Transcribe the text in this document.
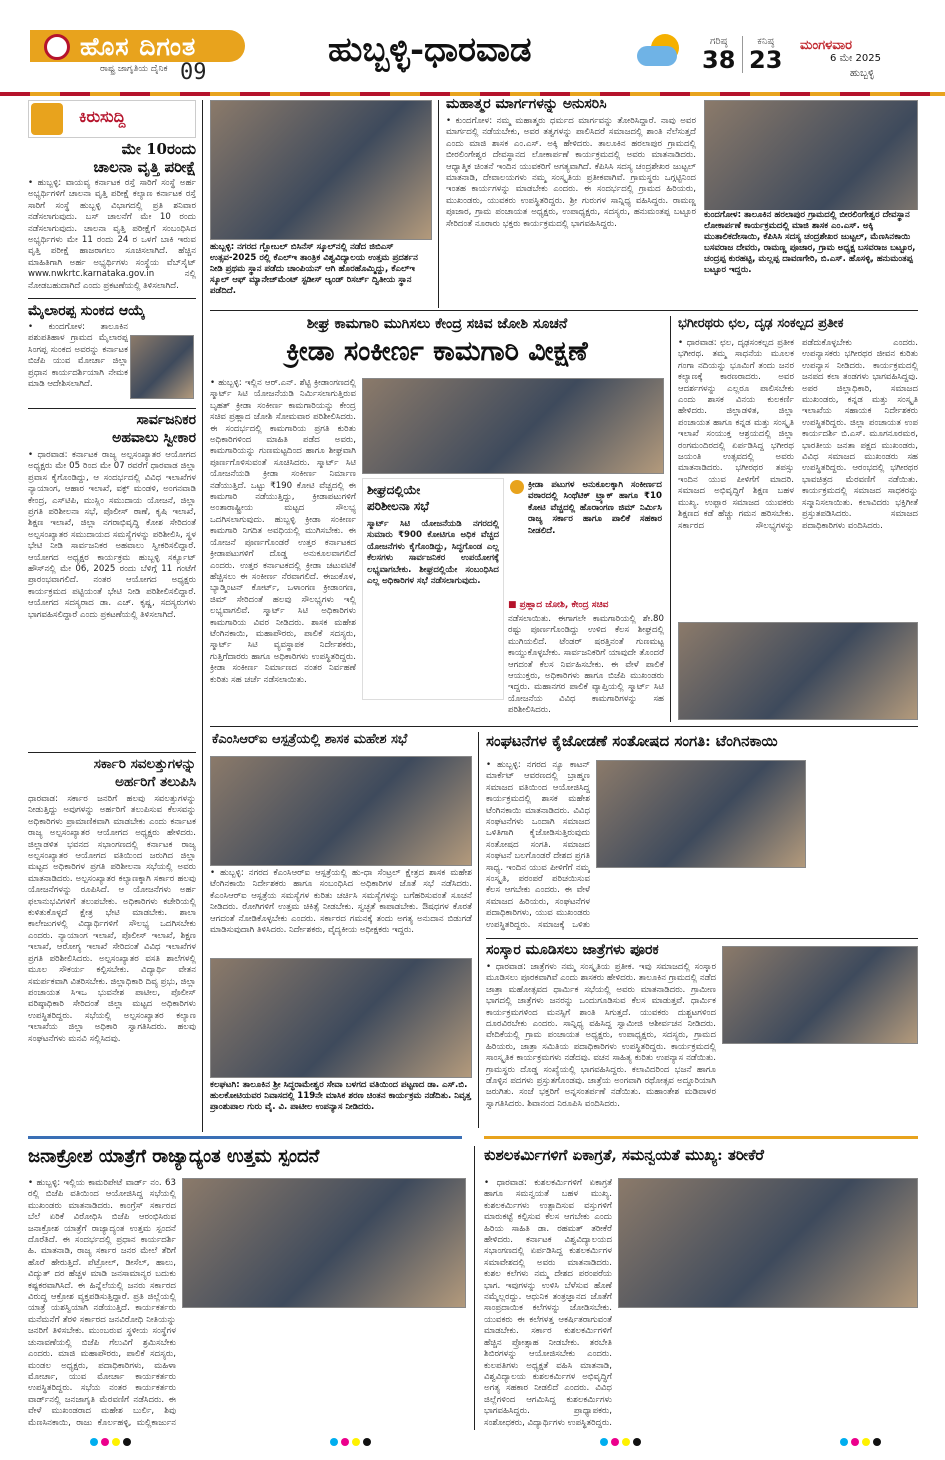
ಹೊಸ ದಿಗಂತ
ರಾಷ್ಟ್ರ ಜಾಗೃತಿಯ ದೈನಿಕ 09
ಹುಬ್ಬಳ್ಳಿ-ಧಾರವಾಡ	ಗರಿಷ್ಠ
38
ಕನಿಷ್ಠ
23
ಮಂಗಳವಾರ
6 ಮೇ 2025
ಹುಬ್ಬಳ್ಳಿ
ಕಿರುಸುದ್ದಿ
ಮೇ 10ರಂದು
ಚಾಲನಾ ವೃತ್ತಿ ಪರೀಕ್ಷೆ
• ಹುಬ್ಬಳ್ಳಿ: ವಾಯವ್ಯ ಕರ್ನಾಟಕ ರಸ್ತೆ ಸಾರಿಗೆ ಸಂಸ್ಥೆ ಅರ್ಹ ಅಭ್ಯರ್ಥಿಗಳಿಗೆ ಚಾಲನಾ ವೃತ್ತಿ ಪರೀಕ್ಷೆ ಕಲ್ಯಾಣ ಕರ್ನಾಟಕ ರಸ್ತೆ ಸಾರಿಗೆ ಸಂಸ್ಥೆ ಹುಬ್ಬಳ್ಳಿ ವಿಭಾಗದಲ್ಲಿ ಪ್ರತಿ ಶನಿವಾರ ನಡೆಸಲಾಗುವುದು. ಬಸ್ ಚಾಲನೆಗೆ ಮೇ 10 ರಂದು ನಡೆಸಲಾಗುವುದು. ಚಾಲನಾ ವೃತ್ತಿ ಪರೀಕ್ಷೆಗೆ ಸಂಬಂಧಿಸಿದ ಅಭ್ಯರ್ಥಿಗಳು ಮೇ 11 ರಂದು 24 ರ ಒಳಗೆ ಬಾಕಿ ಇರುವ ವೃತ್ತಿ ಪರೀಕ್ಷೆ ಹಾಜರಾಗಲು ಸೂಚಿಸಲಾಗಿದೆ. ಹೆಚ್ಚಿನ ಮಾಹಿತಿಗಾಗಿ ಅರ್ಹ ಅಭ್ಯರ್ಥಿಗಳು ಸಂಸ್ಥೆಯ ವೆಬ್‌ಸೈಟ್ www.nwkrtc.karnataka.gov.in ನಲ್ಲಿ ನೋಡಬಹುದಾಗಿದೆ ಎಂದು ಪ್ರಕಟಣೆಯಲ್ಲಿ ತಿಳಿಸಲಾಗಿದೆ.
ಮೈಲಾರಪ್ಪ ಸುಂಕದ ಆಯ್ಕೆ
• ಕುಂದಗೋಳ: ತಾಲೂಕಿನ ಪಶುಪತಿಹಾಳ ಗ್ರಾಮದ ಮೈಲಾರಪ್ಪ ಸಿಂಗಪ್ಪ ಸುಂಕದ ಅವರನ್ನು ಕರ್ನಾಟಕ ಬಿಜೆಪಿ ಯುವ ಮೋರ್ಚಾ ಜಿಲ್ಲಾ ಪ್ರಧಾನ ಕಾರ್ಯದರ್ಶಿಯಾಗಿ ನೇಮಕ ಮಾಡಿ ಆದೇಶಿಸಲಾಗಿದೆ.
ಸಾರ್ವಜನಿಕರ
ಅಹವಾಲು ಸ್ವೀಕಾರ
• ಧಾರವಾಡ: ಕರ್ನಾಟಕ ರಾಜ್ಯ ಅಲ್ಪಸಂಖ್ಯಾತರ ಆಯೋಗದ ಅಧ್ಯಕ್ಷರು ಮೇ 05 ರಿಂದ ಮೇ 07 ರವರೆಗೆ ಧಾರವಾಡ ಜಿಲ್ಲಾ ಪ್ರವಾಸ ಕೈಗೊಂಡಿದ್ದು, ಆ ಸಂದರ್ಭದಲ್ಲಿ ವಿವಿಧ ಇಲಾಖೆಗಳ ನ್ಯಾಯಾಂಗ, ಆಹಾರ ಇಲಾಖೆ, ವಕ್ಫ್ ಮಂಡಳಿ, ಅಂಗನವಾಡಿ ಕೇಂದ್ರ, ಎಸ್‌ಟಿಪಿ, ಮುಸ್ಲಿಂ ಸಮುದಾಯ ಯೋಜನೆ, ಜಿಲ್ಲಾ ಪ್ರಗತಿ ಪರಿಶೀಲನಾ ಸಭೆ, ಪೊಲೀಸ್ ಠಾಣೆ, ಕೃಷಿ ಇಲಾಖೆ, ಶಿಕ್ಷಣ ಇಲಾಖೆ, ಜಿಲ್ಲಾ ನಗರಾಭಿವೃದ್ಧಿ ಕೋಶ ಸೇರಿದಂತೆ ಅಲ್ಪಸಂಖ್ಯಾತರ ಸಮುದಾಯದ ಸಮಸ್ಯೆಗಳನ್ನು ಪರಿಶೀಲಿಸಿ, ಸ್ಥಳ ಭೇಟಿ ನೀಡಿ ಸಾರ್ವಜನಿಕರ ಅಹವಾಲು ಸ್ವೀಕರಿಸಲಿದ್ದಾರೆ. ಆಯೋಗದ ಅಧ್ಯಕ್ಷರ ಕಾರ್ಯಕ್ರಮ ಹುಬ್ಬಳ್ಳಿ ಸರ್ಕ್ಯೂಟ್ ಹೌಸ್‌ನಲ್ಲಿ ಮೇ 06, 2025 ರಂದು ಬೆಳಿಗ್ಗೆ 11 ಗಂಟೆಗೆ ಪ್ರಾರಂಭವಾಗಲಿದೆ. ನಂತರ ಆಯೋಗದ ಅಧ್ಯಕ್ಷರು ಕಾರ್ಯಕ್ರಮದ ಪಟ್ಟಿಯಂತೆ ಭೇಟಿ ನೀಡಿ ಪರಿಶೀಲಿಸಲಿದ್ದಾರೆ. ಆಯೋಗದ ಸದಸ್ಯರಾದ ಡಾ. ಎಚ್. ಕೃಷ್ಣ, ಸದಸ್ಯರುಗಳು ಭಾಗವಹಿಸಲಿದ್ದಾರೆ ಎಂದು ಪ್ರಕಟಣೆಯಲ್ಲಿ ತಿಳಿಸಲಾಗಿದೆ.
ಸರ್ಕಾರಿ ಸವಲತ್ತುಗಳನ್ನು
ಅರ್ಹರಿಗೆ ತಲುಪಿಸಿ
ಧಾರವಾಡ: ಸರ್ಕಾರ ಜನರಿಗೆ ಹಲವು ಸವಲತ್ತುಗಳನ್ನು ನೀಡುತ್ತಿದ್ದು ಅವುಗಳನ್ನು ಅರ್ಹರಿಗೆ ತಲುಪಿಸುವ ಕೆಲಸವನ್ನು ಅಧಿಕಾರಿಗಳು ಪ್ರಾಮಾಣಿಕವಾಗಿ ಮಾಡಬೇಕು ಎಂದು ಕರ್ನಾಟಕ ರಾಜ್ಯ ಅಲ್ಪಸಂಖ್ಯಾತರ ಆಯೋಗದ ಅಧ್ಯಕ್ಷರು ಹೇಳಿದರು. ಜಿಲ್ಲಾಡಳಿತ ಭವನದ ಸಭಾಂಗಣದಲ್ಲಿ ಕರ್ನಾಟಕ ರಾಜ್ಯ ಅಲ್ಪಸಂಖ್ಯಾತರ ಆಯೋಗದ ವತಿಯಿಂದ ಜರುಗಿದ ಜಿಲ್ಲಾ ಮಟ್ಟದ ಅಧಿಕಾರಿಗಳ ಪ್ರಗತಿ ಪರಿಶೀಲನಾ ಸಭೆಯಲ್ಲಿ ಅವರು ಮಾತನಾಡಿದರು. ಅಲ್ಪಸಂಖ್ಯಾತರ ಕಲ್ಯಾಣಕ್ಕಾಗಿ ಸರ್ಕಾರ ಹಲವು ಯೋಜನೆಗಳನ್ನು ರೂಪಿಸಿದೆ. ಆ ಯೋಜನೆಗಳು ಅರ್ಹ ಫಲಾನುಭವಿಗಳಿಗೆ ತಲುಪಬೇಕು. ಅಧಿಕಾರಿಗಳು ಕಚೇರಿಯಲ್ಲಿ ಕುಳಿತುಕೊಳ್ಳದೆ ಕ್ಷೇತ್ರ ಭೇಟಿ ಮಾಡಬೇಕು. ಶಾಲಾ ಕಾಲೇಜುಗಳಲ್ಲಿ ವಿದ್ಯಾರ್ಥಿಗಳಿಗೆ ಸೌಲಭ್ಯ ಒದಗಿಸಬೇಕು ಎಂದರು. ನ್ಯಾಯಾಂಗ ಇಲಾಖೆ, ಪೊಲೀಸ್ ಇಲಾಖೆ, ಶಿಕ್ಷಣ ಇಲಾಖೆ, ಆರೋಗ್ಯ ಇಲಾಖೆ ಸೇರಿದಂತೆ ವಿವಿಧ ಇಲಾಖೆಗಳ ಪ್ರಗತಿ ಪರಿಶೀಲಿಸಿದರು. ಅಲ್ಪಸಂಖ್ಯಾತರ ವಸತಿ ಶಾಲೆಗಳಲ್ಲಿ ಮೂಲ ಸೌಕರ್ಯ ಕಲ್ಪಿಸಬೇಕು. ವಿದ್ಯಾರ್ಥಿ ವೇತನ ಸಮರ್ಪಕವಾಗಿ ವಿತರಿಸಬೇಕು. ಜಿಲ್ಲಾಧಿಕಾರಿ ದಿವ್ಯ ಪ್ರಭು, ಜಿಲ್ಲಾ ಪಂಚಾಯತ ಸಿಇಒ ಭುವನೇಶ ಪಾಟೀಲ, ಪೊಲೀಸ್ ವರಿಷ್ಠಾಧಿಕಾರಿ ಸೇರಿದಂತೆ ಜಿಲ್ಲಾ ಮಟ್ಟದ ಅಧಿಕಾರಿಗಳು ಉಪಸ್ಥಿತರಿದ್ದರು. ಸಭೆಯಲ್ಲಿ ಅಲ್ಪಸಂಖ್ಯಾತರ ಕಲ್ಯಾಣ ಇಲಾಖೆಯ ಜಿಲ್ಲಾ ಅಧಿಕಾರಿ ಸ್ವಾಗತಿಸಿದರು. ಹಲವು ಸಂಘಟನೆಗಳು ಮನವಿ ಸಲ್ಲಿಸಿದವು.
ಹುಬ್ಬಳ್ಳಿ: ನಗರದ ಗ್ಲೋಬಲ್ ಬಿಸಿನೆಸ್ ಸ್ಕೂಲ್‌ನಲ್ಲಿ ನಡೆದ ಜಿಬಿಎಸ್ ಉತ್ಸವ-2025 ರಲ್ಲಿ ಕೆಎಲ್‌ಇ ತಾಂತ್ರಿಕ ವಿಶ್ವವಿದ್ಯಾಲಯ ಉತ್ತಮ ಪ್ರದರ್ಶನ ನೀಡಿ ಪ್ರಥಮ ಸ್ಥಾನ ಪಡೆದು ಚಾಂಪಿಯನ್ ಆಗಿ ಹೊರಹೊಮ್ಮಿದ್ದು, ಕೆಎಲ್‌ಇ ಸ್ಕೂಲ್ ಆಫ್ ಮ್ಯಾನೇಜ್‌ಮೆಂಟ್ ಸ್ಟಡೀಸ್ ಆ್ಯಂಡ್ ರಿಸರ್ಚ್ ದ್ವಿತೀಯ ಸ್ಥಾನ ಪಡೆದಿದೆ.
ಮಹಾತ್ಮರ ಮಾರ್ಗಗಳನ್ನು ಅನುಸರಿಸಿ
• ಕುಂದಗೋಳ: ನಮ್ಮ ಮಹಾತ್ಮರು ಧರ್ಮದ ಮಾರ್ಗವನ್ನು ತೋರಿಸಿದ್ದಾರೆ. ನಾವು ಅವರ ಮಾರ್ಗದಲ್ಲಿ ನಡೆಯಬೇಕು, ಅವರ ತತ್ವಗಳನ್ನು ಪಾಲಿಸಿದರೆ ಸಮಾಜದಲ್ಲಿ ಶಾಂತಿ ನೆಲೆಸುತ್ತದೆ ಎಂದು ಮಾಜಿ ಶಾಸಕ ಎಂ.ಎಸ್. ಅಕ್ಕಿ ಹೇಳಿದರು. ತಾಲೂಕಿನ ಹರಲಾಪುರ ಗ್ರಾಮದಲ್ಲಿ ಬೀರಲಿಂಗೇಶ್ವರ ದೇವಸ್ಥಾನದ ಲೋಕಾರ್ಪಣೆ ಕಾರ್ಯಕ್ರಮದಲ್ಲಿ ಅವರು ಮಾತನಾಡಿದರು. ಆಧ್ಯಾತ್ಮಿಕ ಚಿಂತನೆ ಇಂದಿನ ಯುವಕರಿಗೆ ಅಗತ್ಯವಾಗಿದೆ. ಕೆಪಿಸಿಸಿ ಸದಸ್ಯ ಚಂದ್ರಶೇಖರ ಜುಟ್ಟಲ್ ಮಾತನಾಡಿ, ದೇವಾಲಯಗಳು ನಮ್ಮ ಸಂಸ್ಕೃತಿಯ ಪ್ರತೀಕವಾಗಿವೆ. ಗ್ರಾಮಸ್ಥರು ಒಗ್ಗಟ್ಟಿನಿಂದ ಇಂತಹ ಕಾರ್ಯಗಳನ್ನು ಮಾಡಬೇಕು ಎಂದರು. ಈ ಸಂದರ್ಭದಲ್ಲಿ ಗ್ರಾಮದ ಹಿರಿಯರು, ಮುಖಂಡರು, ಯುವಕರು ಉಪಸ್ಥಿತರಿದ್ದರು. ಶ್ರೀ ಗುರುಗಳ ಸಾನ್ನಿಧ್ಯ ವಹಿಸಿದ್ದರು. ರಾಮಣ್ಣ ಪೂಜಾರ, ಗ್ರಾಮ ಪಂಚಾಯತ ಅಧ್ಯಕ್ಷರು, ಉಪಾಧ್ಯಕ್ಷರು, ಸದಸ್ಯರು, ಹನುಮಂತಪ್ಪ ಬಟ್ಟೂರ ಸೇರಿದಂತೆ ನೂರಾರು ಭಕ್ತರು ಕಾರ್ಯಕ್ರಮದಲ್ಲಿ ಭಾಗವಹಿಸಿದ್ದರು.
ಕುಂದಗೋಳ: ತಾಲೂಕಿನ ಹರಲಾಪುರ ಗ್ರಾಮದಲ್ಲಿ ಬೀರಲಿಂಗೇಶ್ವರ ದೇವಸ್ಥಾನ ಲೋಕಾರ್ಪಣೆ ಕಾರ್ಯಕ್ರಮದಲ್ಲಿ ಮಾಜಿ ಶಾಸಕ ಎಂ.ಎಸ್. ಅಕ್ಕಿ ಮುತಾಲಿಕದೇಸಾಯಿ, ಕೆಪಿಸಿಸಿ ಸದಸ್ಯ ಚಂದ್ರಶೇಖರ ಜುಟ್ಟಲ್, ಮೆಣಸಿನಕಾಯಿ ಬಸವರಾಜ ದೇವರು, ರಾಮಣ್ಣ ಪೂಜಾರ, ಗ್ರಾಮ ಅಧ್ಯಕ್ಷ ಬಸವರಾಜ ಬಟ್ಟೂರ, ಚಂದ್ರಪ್ಪ ಕುರಹಟ್ಟಿ, ಮಲ್ಲಪ್ಪ ದಾವಣಗೇರಿ, ಬಿ.ಎಸ್. ಹೊಸಳ್ಳಿ, ಹನುಮಂತಪ್ಪ ಬಟ್ಟೂರ ಇದ್ದರು.
ಶೀಘ್ರ ಕಾಮಗಾರಿ ಮುಗಿಸಲು ಕೇಂದ್ರ ಸಚಿವ ಜೋಶಿ ಸೂಚನೆ
ಕ್ರೀಡಾ ಸಂಕೀರ್ಣ ಕಾಮಗಾರಿ ವೀಕ್ಷಣೆ
• ಹುಬ್ಬಳ್ಳಿ: ಇಲ್ಲಿನ ಆರ್.ಎನ್. ಶೆಟ್ಟಿ ಕ್ರೀಡಾಂಗಣದಲ್ಲಿ ಸ್ಮಾರ್ಟ್ ಸಿಟಿ ಯೋಜನೆಯಡಿ ನಿರ್ಮಿಸಲಾಗುತ್ತಿರುವ ಬೃಹತ್ ಕ್ರೀಡಾ ಸಂಕೀರ್ಣ ಕಾಮಗಾರಿಯನ್ನು ಕೇಂದ್ರ ಸಚಿವ ಪ್ರಹ್ಲಾದ ಜೋಶಿ ಸೋಮವಾರ ಪರಿಶೀಲಿಸಿದರು. ಈ ಸಂದರ್ಭದಲ್ಲಿ ಕಾಮಗಾರಿಯ ಪ್ರಗತಿ ಕುರಿತು ಅಧಿಕಾರಿಗಳಿಂದ ಮಾಹಿತಿ ಪಡೆದ ಅವರು, ಕಾಮಗಾರಿಯನ್ನು ಗುಣಮಟ್ಟದಿಂದ ಹಾಗೂ ಶೀಘ್ರವಾಗಿ ಪೂರ್ಣಗೊಳಿಸುವಂತೆ ಸೂಚಿಸಿದರು. ಸ್ಮಾರ್ಟ್ ಸಿಟಿ ಯೋಜನೆಯಡಿ ಕ್ರೀಡಾ ಸಂಕೀರ್ಣ ನಿರ್ಮಾಣ ನಡೆಯುತ್ತಿದೆ. ಒಟ್ಟು ₹190 ಕೋಟಿ ವೆಚ್ಚದಲ್ಲಿ ಈ ಕಾಮಗಾರಿ ನಡೆಯುತ್ತಿದ್ದು, ಕ್ರೀಡಾಪಟುಗಳಿಗೆ ಅಂತಾರಾಷ್ಟ್ರೀಯ ಮಟ್ಟದ ಸೌಲಭ್ಯ ಒದಗಿಸಲಾಗುವುದು. ಹುಬ್ಬಳ್ಳಿ ಕ್ರೀಡಾ ಸಂಕೀರ್ಣ ಕಾಮಗಾರಿ ನಿಗದಿತ ಅವಧಿಯಲ್ಲಿ ಮುಗಿಸಬೇಕು. ಈ ಯೋಜನೆ ಪೂರ್ಣಗೊಂಡರೆ ಉತ್ತರ ಕರ್ನಾಟಕದ ಕ್ರೀಡಾಪಟುಗಳಿಗೆ ದೊಡ್ಡ ಅನುಕೂಲವಾಗಲಿದೆ ಎಂದರು. ಉತ್ತರ ಕರ್ನಾಟಕದಲ್ಲಿ ಕ್ರೀಡಾ ಚಟುವಟಿಕೆ ಹೆಚ್ಚಿಸಲು ಈ ಸಂಕೀರ್ಣ ನೆರವಾಗಲಿದೆ. ಈಜುಕೊಳ, ಬ್ಯಾಡ್ಮಿಂಟನ್ ಕೋರ್ಟ್, ಒಳಾಂಗಣ ಕ್ರೀಡಾಂಗಣ, ಜಿಮ್ ಸೇರಿದಂತೆ ಹಲವು ಸೌಲಭ್ಯಗಳು ಇಲ್ಲಿ ಲಭ್ಯವಾಗಲಿವೆ. ಸ್ಮಾರ್ಟ್ ಸಿಟಿ ಅಧಿಕಾರಿಗಳು ಕಾಮಗಾರಿಯ ವಿವರ ನೀಡಿದರು. ಶಾಸಕ ಮಹೇಶ ಟೆಂಗಿನಕಾಯಿ, ಮಹಾಪೌರರು, ಪಾಲಿಕೆ ಸದಸ್ಯರು, ಸ್ಮಾರ್ಟ್ ಸಿಟಿ ವ್ಯವಸ್ಥಾಪಕ ನಿರ್ದೇಶಕರು, ಗುತ್ತಿಗೆದಾರರು ಹಾಗೂ ಅಧಿಕಾರಿಗಳು ಉಪಸ್ಥಿತರಿದ್ದರು. ಕ್ರೀಡಾ ಸಂಕೀರ್ಣ ನಿರ್ಮಾಣದ ನಂತರ ನಿರ್ವಹಣೆ ಕುರಿತು ಸಹ ಚರ್ಚೆ ನಡೆಸಲಾಯಿತು.
ಶೀಘ್ರದಲ್ಲಿಯೇ
ಪರಿಶೀಲನಾ ಸಭೆ
ಸ್ಮಾರ್ಟ್ ಸಿಟಿ ಯೋಜನೆಯಡಿ ನಗರದಲ್ಲಿ ಸುಮಾರು ₹900 ಕೋಟಿಗೂ ಅಧಿಕ ವೆಚ್ಚದ ಯೋಜನೆಗಳು ಕೈಗೊಂಡಿದ್ದು, ಸಿದ್ಧಗೊಂಡ ಎಲ್ಲ ಕೆಲಸಗಳು ಸಾರ್ವಜನಿಕರ ಉಪಯೋಗಕ್ಕೆ ಲಭ್ಯವಾಗಬೇಕು. ಶೀಘ್ರದಲ್ಲಿಯೇ ಸಂಬಂಧಿಸಿದ ಎಲ್ಲ ಅಧಿಕಾರಿಗಳ ಸಭೆ ನಡೆಸಲಾಗುವುದು.
ಕ್ರೀಡಾ ಪಟುಗಳ ಅನುಕೂಲಕ್ಕಾಗಿ ಸಂಕೀರ್ಣದ ವಠಾರದಲ್ಲಿ ಸಿಂಥೆಟಿಕ್ ಟ್ರ್ಯಾಕ್ ಹಾಗೂ ₹10 ಕೋಟಿ ವೆಚ್ಚದಲ್ಲಿ ಹೊರಾಂಗಣ ಜಿಮ್ ನಿರ್ಮಿಸಿ ರಾಜ್ಯ ಸರ್ಕಾರ ಹಾಗೂ ಪಾಲಿಕೆ ಸಹಕಾರ ನೀಡಲಿದೆ.
■ ಪ್ರಹ್ಲಾದ ಜೋಶಿ, ಕೇಂದ್ರ ಸಚಿವ
ನಡೆಸಲಾಯಿತು. ಈಗಾಗಲೇ ಕಾಮಗಾರಿಯಲ್ಲಿ ಶೇ.80 ರಷ್ಟು ಪೂರ್ಣಗೊಂಡಿದ್ದು ಉಳಿದ ಕೆಲಸ ಶೀಘ್ರದಲ್ಲಿ ಮುಗಿಯಲಿದೆ. ಟೆಂಡರ್ ಷರತ್ತಿನಂತೆ ಗುಣಮಟ್ಟ ಕಾಯ್ದುಕೊಳ್ಳಬೇಕು. ಸಾರ್ವಜನಿಕರಿಗೆ ಯಾವುದೇ ತೊಂದರೆ ಆಗದಂತೆ ಕೆಲಸ ನಿರ್ವಹಿಸಬೇಕು. ಈ ವೇಳೆ ಪಾಲಿಕೆ ಆಯುಕ್ತರು, ಅಧಿಕಾರಿಗಳು ಹಾಗೂ ಬಿಜೆಪಿ ಮುಖಂಡರು ಇದ್ದರು. ಮಹಾನಗರ ಪಾಲಿಕೆ ವ್ಯಾಪ್ತಿಯಲ್ಲಿ ಸ್ಮಾರ್ಟ್ ಸಿಟಿ ಯೋಜನೆಯ ವಿವಿಧ ಕಾಮಗಾರಿಗಳನ್ನು ಸಹ ಪರಿಶೀಲಿಸಿದರು.
ಭಗೀರಥರು ಛಲ, ದೃಢ ಸಂಕಲ್ಪದ ಪ್ರತೀಕ
• ಧಾರವಾಡ: ಛಲ, ದೃಢಸಂಕಲ್ಪದ ಪ್ರತೀಕ ಭಗೀರಥ. ತಮ್ಮ ಸಾಧನೆಯ ಮೂಲಕ ಗಂಗಾ ನದಿಯನ್ನು ಭೂಮಿಗೆ ತಂದು ಜನರ ಕಲ್ಯಾಣಕ್ಕೆ ಕಾರಣರಾದರು. ಅವರ ಆದರ್ಶಗಳನ್ನು ಎಲ್ಲರೂ ಪಾಲಿಸಬೇಕು ಎಂದು ಶಾಸಕ ವಿನಯ ಕುಲಕರ್ಣಿ ಹೇಳಿದರು. ಜಿಲ್ಲಾಡಳಿತ, ಜಿಲ್ಲಾ ಪಂಚಾಯತ ಹಾಗೂ ಕನ್ನಡ ಮತ್ತು ಸಂಸ್ಕೃತಿ ಇಲಾಖೆ ಸಂಯುಕ್ತ ಆಶ್ರಯದಲ್ಲಿ ಜಿಲ್ಲಾ ರಂಗಮಂದಿರದಲ್ಲಿ ಏರ್ಪಡಿಸಿದ್ದ ಭಗೀರಥ ಜಯಂತಿ ಉತ್ಸವದಲ್ಲಿ ಅವರು ಮಾತನಾಡಿದರು. ಭಗೀರಥರ ತಪಸ್ಸು ಇಂದಿನ ಯುವ ಪೀಳಿಗೆಗೆ ಮಾದರಿ. ಸಮಾಜದ ಅಭಿವೃದ್ಧಿಗೆ ಶಿಕ್ಷಣ ಬಹಳ ಮುಖ್ಯ. ಉಪ್ಪಾರ ಸಮಾಜದ ಯುವಕರು ಶಿಕ್ಷಣದ ಕಡೆ ಹೆಚ್ಚು ಗಮನ ಹರಿಸಬೇಕು. ಸರ್ಕಾರದ ಸೌಲಭ್ಯಗಳನ್ನು ಪಡೆದುಕೊಳ್ಳಬೇಕು ಎಂದರು. ಉಪನ್ಯಾಸಕರು ಭಗೀರಥರ ಜೀವನ ಕುರಿತು ಉಪನ್ಯಾಸ ನೀಡಿದರು. ಕಾರ್ಯಕ್ರಮದಲ್ಲಿ ಜನಪದ ಕಲಾ ತಂಡಗಳು ಭಾಗವಹಿಸಿದ್ದವು. ಅಪರ ಜಿಲ್ಲಾಧಿಕಾರಿ, ಸಮಾಜದ ಮುಖಂಡರು, ಕನ್ನಡ ಮತ್ತು ಸಂಸ್ಕೃತಿ ಇಲಾಖೆಯ ಸಹಾಯಕ ನಿರ್ದೇಶಕರು ಉಪಸ್ಥಿತರಿದ್ದರು. ಜಿಲ್ಲಾ ಪಂಚಾಯತ ಉಪ ಕಾರ್ಯದರ್ಶಿ ಬಿ.ಎಸ್. ಮೂಗನೂರಮಠ, ಭಾರತೀಯ ಜನತಾ ಪಕ್ಷದ ಮುಖಂಡರು, ವಿವಿಧ ಸಮಾಜದ ಮುಖಂಡರು ಸಹ ಉಪಸ್ಥಿತರಿದ್ದರು. ಆರಂಭದಲ್ಲಿ ಭಗೀರಥರ ಭಾವಚಿತ್ರದ ಮೆರವಣಿಗೆ ನಡೆಯಿತು. ಕಾರ್ಯಕ್ರಮದಲ್ಲಿ ಸಮಾಜದ ಸಾಧಕರನ್ನು ಸನ್ಮಾನಿಸಲಾಯಿತು. ಕಲಾವಿದರು ಭಕ್ತಿಗೀತೆ ಪ್ರಸ್ತುತಪಡಿಸಿದರು. ಸಮಾಜದ ಪದಾಧಿಕಾರಿಗಳು ವಂದಿಸಿದರು.
ಕೆಎಂಸಿಆರ್‌ಐ ಆಸ್ಪತ್ರೆಯಲ್ಲಿ ಶಾಸಕ ಮಹೇಶ ಸಭೆ
• ಹುಬ್ಬಳ್ಳಿ: ನಗರದ ಕೆಎಂಸಿಆರ್‌ಐ ಆಸ್ಪತ್ರೆಯಲ್ಲಿ ಹು-ಧಾ ಸೆಂಟ್ರಲ್ ಕ್ಷೇತ್ರದ ಶಾಸಕ ಮಹೇಶ ಟೆಂಗಿನಕಾಯಿ ನಿರ್ದೇಶಕರು ಹಾಗೂ ಸಂಬಂಧಿಸಿದ ಅಧಿಕಾರಿಗಳ ಜೊತೆ ಸಭೆ ನಡೆಸಿದರು. ಕೆಎಂಸಿಆರ್‌ಐ ಆಸ್ಪತ್ರೆಯ ಸಮಸ್ಯೆಗಳ ಕುರಿತು ಚರ್ಚಿಸಿ ಸಮಸ್ಯೆಗಳನ್ನು ಬಗೆಹರಿಸುವಂತೆ ಸೂಚನೆ ನೀಡಿದರು. ರೋಗಿಗಳಿಗೆ ಉತ್ತಮ ಚಿಕಿತ್ಸೆ ನೀಡಬೇಕು. ಸ್ವಚ್ಛತೆ ಕಾಪಾಡಬೇಕು. ಔಷಧಗಳ ಕೊರತೆ ಆಗದಂತೆ ನೋಡಿಕೊಳ್ಳಬೇಕು ಎಂದರು. ಸರ್ಕಾರದ ಗಮನಕ್ಕೆ ತಂದು ಅಗತ್ಯ ಅನುದಾನ ಬಿಡುಗಡೆ ಮಾಡಿಸುವುದಾಗಿ ತಿಳಿಸಿದರು. ನಿರ್ದೇಶಕರು, ವೈದ್ಯಕೀಯ ಅಧೀಕ್ಷಕರು ಇದ್ದರು.
ಕಲಘಟಗಿ: ತಾಲೂಕಿನ ಶ್ರೀ ಸಿದ್ಧರಾಮೇಶ್ವರ ಸೇವಾ ಬಳಗದ ವತಿಯಿಂದ ಪಟ್ಟಣದ ಡಾ. ಎಸ್.ಬಿ. ಹುಲಕೋಟಿಯವರ ನಿವಾಸದಲ್ಲಿ 119ನೇ ಮಾಸಿಕ ಶರಣ ಚಿಂತನ ಕಾರ್ಯಕ್ರಮ ನಡೆದಿತು. ನಿವೃತ್ತ ಪ್ರಾಂಶುಪಾಲ ಗುರು ವೈ. ವಿ. ಪಾಟೀಲ ಉಪನ್ಯಾಸ ನೀಡಿದರು.
ಸಂಘಟನೆಗಳ ಕೈಜೋಡಣೆ ಸಂತೋಷದ ಸಂಗತಿ: ಟೆಂಗಿನಕಾಯಿ
• ಹುಬ್ಬಳ್ಳಿ: ನಗರದ ನ್ಯೂ ಕಾಟನ್ ಮಾರ್ಕೆಟ್ ಆವರಣದಲ್ಲಿ ಬ್ರಾಹ್ಮಣ ಸಮಾಜದ ವತಿಯಿಂದ ಆಯೋಜಿಸಿದ್ದ ಕಾರ್ಯಕ್ರಮದಲ್ಲಿ ಶಾಸಕ ಮಹೇಶ ಟೆಂಗಿನಕಾಯಿ ಮಾತನಾಡಿದರು. ವಿವಿಧ ಸಂಘಟನೆಗಳು ಒಂದಾಗಿ ಸಮಾಜದ ಒಳಿತಿಗಾಗಿ ಕೈಜೋಡಿಸುತ್ತಿರುವುದು ಸಂತೋಷದ ಸಂಗತಿ. ಸಮಾಜದ ಸಂಘಟನೆ ಬಲಗೊಂಡರೆ ದೇಶದ ಪ್ರಗತಿ ಸಾಧ್ಯ. ಇಂದಿನ ಯುವ ಪೀಳಿಗೆಗೆ ನಮ್ಮ ಸಂಸ್ಕೃತಿ, ಪರಂಪರೆ ಪರಿಚಯಿಸುವ ಕೆಲಸ ಆಗಬೇಕು ಎಂದರು. ಈ ವೇಳೆ ಸಮಾಜದ ಹಿರಿಯರು, ಸಂಘಟನೆಗಳ ಪದಾಧಿಕಾರಿಗಳು, ಯುವ ಮುಖಂಡರು ಉಪಸ್ಥಿತರಿದ್ದರು. ಸಮಾಜಕ್ಕೆ ಒಳಿತು
ಸಂಸ್ಕಾರ ಮೂಡಿಸಲು ಜಾತ್ರೆಗಳು ಪೂರಕ
• ಧಾರವಾಡ: ಜಾತ್ರೆಗಳು ನಮ್ಮ ಸಂಸ್ಕೃತಿಯ ಪ್ರತೀಕ. ಇವು ಸಮಾಜದಲ್ಲಿ ಸಂಸ್ಕಾರ ಮೂಡಿಸಲು ಪೂರಕವಾಗಿವೆ ಎಂದು ಶಾಸಕರು ಹೇಳಿದರು. ತಾಲೂಕಿನ ಗ್ರಾಮದಲ್ಲಿ ನಡೆದ ಜಾತ್ರಾ ಮಹೋತ್ಸವದ ಧಾರ್ಮಿಕ ಸಭೆಯಲ್ಲಿ ಅವರು ಮಾತನಾಡಿದರು. ಗ್ರಾಮೀಣ ಭಾಗದಲ್ಲಿ ಜಾತ್ರೆಗಳು ಜನರನ್ನು ಒಂದುಗೂಡಿಸುವ ಕೆಲಸ ಮಾಡುತ್ತವೆ. ಧಾರ್ಮಿಕ ಕಾರ್ಯಕ್ರಮಗಳಿಂದ ಮನಸ್ಸಿಗೆ ಶಾಂತಿ ಸಿಗುತ್ತದೆ. ಯುವಕರು ದುಶ್ಚಟಗಳಿಂದ ದೂರವಿರಬೇಕು ಎಂದರು. ಸಾನ್ನಿಧ್ಯ ವಹಿಸಿದ್ದ ಸ್ವಾಮೀಜಿ ಆಶೀರ್ವಚನ ನೀಡಿದರು. ವೇದಿಕೆಯಲ್ಲಿ ಗ್ರಾಮ ಪಂಚಾಯತ ಅಧ್ಯಕ್ಷರು, ಉಪಾಧ್ಯಕ್ಷರು, ಸದಸ್ಯರು, ಗ್ರಾಮದ ಹಿರಿಯರು, ಜಾತ್ರಾ ಸಮಿತಿಯ ಪದಾಧಿಕಾರಿಗಳು ಉಪಸ್ಥಿತರಿದ್ದರು. ಕಾರ್ಯಕ್ರಮದಲ್ಲಿ ಸಾಂಸ್ಕೃತಿಕ ಕಾರ್ಯಕ್ರಮಗಳು ನಡೆದವು. ವಚನ ಸಾಹಿತ್ಯ ಕುರಿತು ಉಪನ್ಯಾಸ ನಡೆಯಿತು. ಗ್ರಾಮಸ್ಥರು ದೊಡ್ಡ ಸಂಖ್ಯೆಯಲ್ಲಿ ಭಾಗವಹಿಸಿದ್ದರು. ಕಲಾವಿದರಿಂದ ಭಜನೆ ಹಾಗೂ ಡೊಳ್ಳಿನ ಪದಗಳು ಪ್ರಸ್ತುತಗೊಂಡವು. ಜಾತ್ರೆಯ ಅಂಗವಾಗಿ ರಥೋತ್ಸವ ಅದ್ದೂರಿಯಾಗಿ ಜರುಗಿತು. ಸಂಜೆ ಭಕ್ತರಿಗೆ ಅನ್ನಸಂತರ್ಪಣೆ ನಡೆಯಿತು. ಮಹಾಂತೇಶ ಮಡಿವಾಳರ ಸ್ವಾಗತಿಸಿದರು. ಶಿವಾನಂದ ನಿರೂಪಿಸಿ ವಂದಿಸಿದರು.
ಜನಾಕ್ರೋಶ ಯಾತ್ರೆಗೆ ರಾಜ್ಯಾದ್ಯಂತ ಉತ್ತಮ ಸ್ಪಂದನೆ
• ಹುಬ್ಬಳ್ಳಿ: ಇಲ್ಲಿಯ ಕಾಮರಿಪೇಟೆ ವಾರ್ಡ್ ನಂ. 63 ರಲ್ಲಿ ಬಿಜೆಪಿ ವತಿಯಿಂದ ಆಯೋಜಿಸಿದ್ದ ಸಭೆಯಲ್ಲಿ ಮುಖಂಡರು ಮಾತನಾಡಿದರು. ಕಾಂಗ್ರೆಸ್ ಸರ್ಕಾರದ ಬೆಲೆ ಏರಿಕೆ ವಿರೋಧಿಸಿ ಬಿಜೆಪಿ ಆರಂಭಿಸಿರುವ ಜನಾಕ್ರೋಶ ಯಾತ್ರೆಗೆ ರಾಜ್ಯಾದ್ಯಂತ ಉತ್ತಮ ಸ್ಪಂದನೆ ದೊರೆತಿದೆ. ಈ ಸಂದರ್ಭದಲ್ಲಿ ಪ್ರಧಾನ ಕಾರ್ಯದರ್ಶಿ ಹಿ. ಮಾತನಾಡಿ, ರಾಜ್ಯ ಸರ್ಕಾರ ಜನರ ಮೇಲೆ ತೆರಿಗೆ ಹೊರೆ ಹೇರುತ್ತಿದೆ. ಪೆಟ್ರೋಲ್, ಡೀಸೆಲ್, ಹಾಲು, ವಿದ್ಯುತ್ ದರ ಹೆಚ್ಚಳ ಮಾಡಿ ಜನಸಾಮಾನ್ಯರ ಬದುಕು ಕಷ್ಟಕರವಾಗಿಸಿದೆ. ಈ ಹಿನ್ನೆಲೆಯಲ್ಲಿ ಜನರು ಸರ್ಕಾರದ ವಿರುದ್ಧ ಆಕ್ರೋಶ ವ್ಯಕ್ತಪಡಿಸುತ್ತಿದ್ದಾರೆ. ಪ್ರತಿ ಜಿಲ್ಲೆಯಲ್ಲಿ ಯಾತ್ರೆ ಯಶಸ್ವಿಯಾಗಿ ನಡೆಯುತ್ತಿದೆ. ಕಾರ್ಯಕರ್ತರು ಮನೆಮನೆಗೆ ತೆರಳಿ ಸರ್ಕಾರದ ಜನವಿರೋಧಿ ನೀತಿಯನ್ನು ಜನರಿಗೆ ತಿಳಿಸಬೇಕು. ಮುಂಬರುವ ಸ್ಥಳೀಯ ಸಂಸ್ಥೆಗಳ ಚುನಾವಣೆಯಲ್ಲಿ ಬಿಜೆಪಿ ಗೆಲುವಿಗೆ ಶ್ರಮಿಸಬೇಕು ಎಂದರು. ಮಾಜಿ ಮಹಾಪೌರರು, ಪಾಲಿಕೆ ಸದಸ್ಯರು, ಮಂಡಲ ಅಧ್ಯಕ್ಷರು, ಪದಾಧಿಕಾರಿಗಳು, ಮಹಿಳಾ ಮೋರ್ಚಾ, ಯುವ ಮೋರ್ಚಾ ಕಾರ್ಯಕರ್ತರು ಉಪಸ್ಥಿತರಿದ್ದರು. ಸಭೆಯ ನಂತರ ಕಾರ್ಯಕರ್ತರು ವಾರ್ಡ್‌ನಲ್ಲಿ ಜನಜಾಗೃತಿ ಮೆರವಣಿಗೆ ನಡೆಸಿದರು. ಈ ವೇಳೆ ಮುಖಂಡರಾದ ಮಹೇಶ ಬುರ್ಲಿ, ಶಿವು ಮೆಣಸಿನಕಾಯಿ, ರಾಜು ಕೊರ್ಲಹಳ್ಳಿ, ಮಲ್ಲಿಕಾರ್ಜುನ
ಕುಶಲಕರ್ಮಿಗಳಿಗೆ ಏಕಾಗ್ರತೆ, ಸಮನ್ವಯತೆ ಮುಖ್ಯ: ತರೀಕೆರೆ
• ಧಾರವಾಡ: ಕುಶಲಕರ್ಮಿಗಳಿಗೆ ಏಕಾಗ್ರತೆ ಹಾಗೂ ಸಮನ್ವಯತೆ ಬಹಳ ಮುಖ್ಯ. ಕುಶಲಕರ್ಮಿಗಳು ಉತ್ಪಾದಿಸುವ ವಸ್ತುಗಳಿಗೆ ಮಾರುಕಟ್ಟೆ ಕಲ್ಪಿಸುವ ಕೆಲಸ ಆಗಬೇಕು ಎಂದು ಹಿರಿಯ ಸಾಹಿತಿ ಡಾ. ರಹಮತ್ ತರೀಕೆರೆ ಹೇಳಿದರು. ಕರ್ನಾಟಕ ವಿಶ್ವವಿದ್ಯಾಲಯದ ಸಭಾಂಗಣದಲ್ಲಿ ಏರ್ಪಡಿಸಿದ್ದ ಕುಶಲಕರ್ಮಿಗಳ ಸಮಾವೇಶದಲ್ಲಿ ಅವರು ಮಾತನಾಡಿದರು. ಕುಶಲ ಕಲೆಗಳು ನಮ್ಮ ದೇಶದ ಪರಂಪರೆಯ ಭಾಗ. ಇವುಗಳನ್ನು ಉಳಿಸಿ ಬೆಳೆಸುವ ಹೊಣೆ ನಮ್ಮೆಲ್ಲರದ್ದು. ಆಧುನಿಕ ತಂತ್ರಜ್ಞಾನದ ಜೊತೆಗೆ ಸಾಂಪ್ರದಾಯಿಕ ಕಲೆಗಳನ್ನು ಜೋಡಿಸಬೇಕು. ಯುವಕರು ಈ ಕಲೆಗಳತ್ತ ಆಕರ್ಷಿತರಾಗುವಂತೆ ಮಾಡಬೇಕು. ಸರ್ಕಾರ ಕುಶಲಕರ್ಮಿಗಳಿಗೆ ಹೆಚ್ಚಿನ ಪ್ರೋತ್ಸಾಹ ನೀಡಬೇಕು. ತರಬೇತಿ ಶಿಬಿರಗಳನ್ನು ಆಯೋಜಿಸಬೇಕು ಎಂದರು. ಕುಲಪತಿಗಳು ಅಧ್ಯಕ್ಷತೆ ವಹಿಸಿ ಮಾತನಾಡಿ, ವಿಶ್ವವಿದ್ಯಾಲಯ ಕುಶಲಕರ್ಮಿಗಳ ಅಭಿವೃದ್ಧಿಗೆ ಅಗತ್ಯ ಸಹಕಾರ ನೀಡಲಿದೆ ಎಂದರು. ವಿವಿಧ ಜಿಲ್ಲೆಗಳಿಂದ ಆಗಮಿಸಿದ್ದ ಕುಶಲಕರ್ಮಿಗಳು ಭಾಗವಹಿಸಿದ್ದರು. ಪ್ರಾಧ್ಯಾಪಕರು, ಸಂಶೋಧಕರು, ವಿದ್ಯಾರ್ಥಿಗಳು ಉಪಸ್ಥಿತರಿದ್ದರು.
